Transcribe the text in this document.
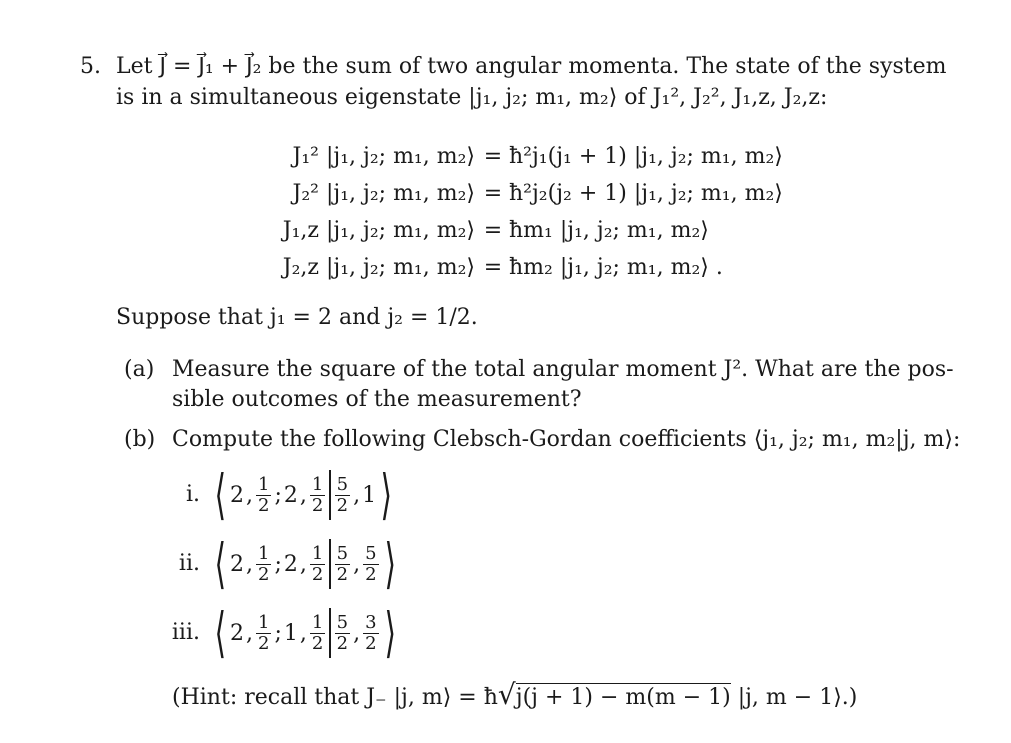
5. Let J⃗ = J⃗₁ + J⃗₂ be the sum of two angular momenta. The state of the system
is in a simultaneous eigenstate |j₁, j₂; m₁, m₂⟩ of J₁², J₂², J₁,z, J₂,z:
J₁² |j₁, j₂; m₁, m₂⟩ = ħ²j₁(j₁ + 1) |j₁, j₂; m₁, m₂⟩
J₂² |j₁, j₂; m₁, m₂⟩ = ħ²j₂(j₂ + 1) |j₁, j₂; m₁, m₂⟩
J₁,z |j₁, j₂; m₁, m₂⟩ = ħm₁ |j₁, j₂; m₁, m₂⟩
J₂,z |j₁, j₂; m₁, m₂⟩ = ħm₂ |j₁, j₂; m₁, m₂⟩ .
Suppose that j₁ = 2 and j₂ = 1/2.
(a) Measure the square of the total angular moment J². What are the pos-
sible outcomes of the measurement?
(b) Compute the following Clebsch-Gordan coefficients ⟨j₁, j₂; m₁, m₂|j, m⟩:
i. ⟨ 2 , $\frac{1}{2}$ ; 2 , $\frac{1}{2} \frac{5}{2}$ , 1 ⟩
ii. ⟨ 2 , $\frac{1}{2}$ ; 2 , $\frac{1}{2} \frac{5}{2}$ , $\frac{5}{2}$ ⟩
iii. ⟨ 2 , $\frac{1}{2}$ ; 1 , $\frac{1}{2} \frac{5}{2}$ , $\frac{3}{2}$ ⟩
(Hint: recall that J₋ |j, m⟩ = ħ√j(j + 1) − m(m − 1) |j, m − 1⟩.)
